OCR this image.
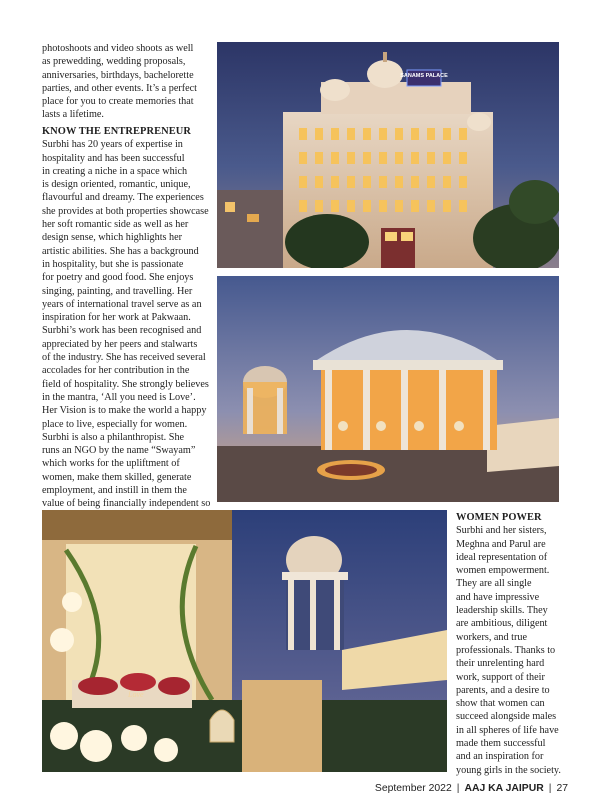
photoshoots and video shoots as well

as prewedding, wedding proposals,

anniversaries, birthdays, bachelorette

parties, and other events. It’s a perfect

place for you to create memories that

lasts a lifetime.

KNOW THE ENTREPRENEUR

Surbhi has 20 years of expertise in

hospitality and has been successful

in creating a niche in a space which

is design oriented, romantic, unique,

flavourful and dreamy. The experiences

she provides at both properties showcase

her soft romantic side as well as her

design sense, which highlights her

artistic abilities. She has a background

in hospitality, but she is passionate

for poetry and good food. She enjoys

singing, painting, and travelling. Her

years of international travel serve as an

inspiration for her work at Pakwaan.

Surbhi’s work has been recognised and

appreciated by her peers and stalwarts

of the industry. She has received several

accolades for her contribution in the

field of hospitality. She strongly believes

in the mantra, ‘All you need is Love’.

Her Vision is to make the world a happy

place to live, especially for women.

Surbhi is also a philanthropist. She

runs an NGO by the name “Swayam”

which works for the upliftment of

women, make them skilled, generate

employment, and instill in them the

value of being financially independent so

WOMEN POWER

Surbhi and her sisters,

Meghna and Parul are

ideal representation of

women empowerment.

They are all single

and have impressive

leadership skills. They

are ambitious, diligent

workers, and true

professionals. Thanks to

their unrelenting hard

work, support of their

parents, and a desire to

show that women can

succeed alongside males

in all spheres of life have

made them successful

and an inspiration for

young girls in the society.

SANAMS PALACE
Love
September 2022 | AAJ KA JAIPUR | 27
